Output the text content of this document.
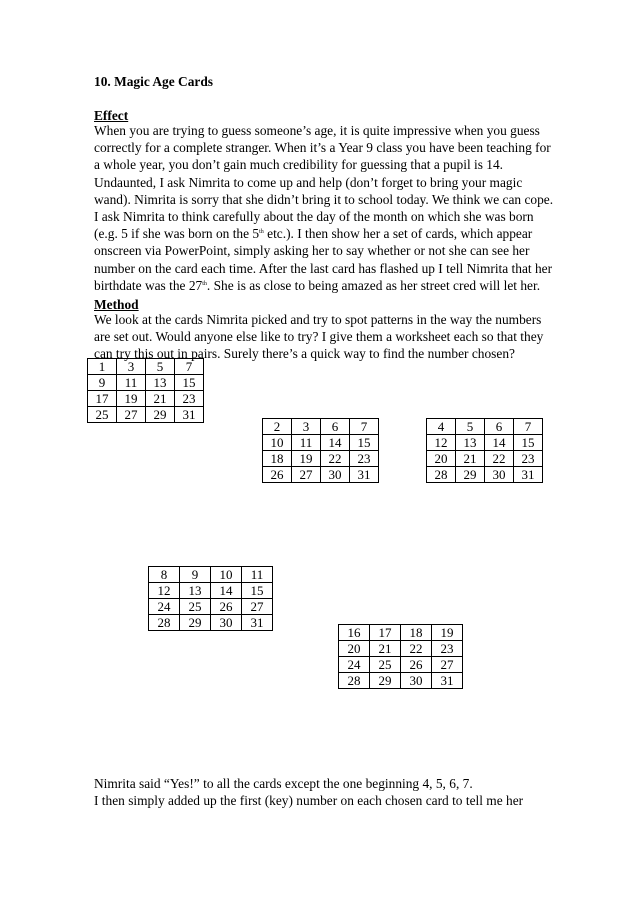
10. Magic Age Cards
Effect
When you are trying to guess someone’s age, it is quite impressive when you guess
correctly for a complete stranger. When it’s a Year 9 class you have been teaching for
a whole year, you don’t gain much credibility for guessing that a pupil is 14.
Undaunted, I ask Nimrita to come up and help (don’t forget to bring your magic
wand). Nimrita is sorry that she didn’t bring it to school today. We think we can cope.
I ask Nimrita to think carefully about the day of the month on which she was born
(e.g. 5 if she was born on the 5th etc.). I then show her a set of cards, which appear
onscreen via PowerPoint, simply asking her to say whether or not she can see her
number on the card each time. After the last card has flashed up I tell Nimrita that her
birthdate was the 27th. She is as close to being amazed as her street cred will let her.
Method
We look at the cards Nimrita picked and try to spot patterns in the way the numbers
are set out. Would anyone else like to try? I give them a worksheet each so that they
can try this out in pairs. Surely there’s a quick way to find the number chosen?
1	3	5	7
9	11	13	15
17	19	21	23
25	27	29	31
2	3	6	7
10	11	14	15
18	19	22	23
26	27	30	31
4	5	6	7
12	13	14	15
20	21	22	23
28	29	30	31
8	9	10	11
12	13	14	15
24	25	26	27
28	29	30	31
16	17	18	19
20	21	22	23
24	25	26	27
28	29	30	31
Nimrita said “Yes!” to all the cards except the one beginning 4, 5, 6, 7.
I then simply added up the first (key) number on each chosen card to tell me her
